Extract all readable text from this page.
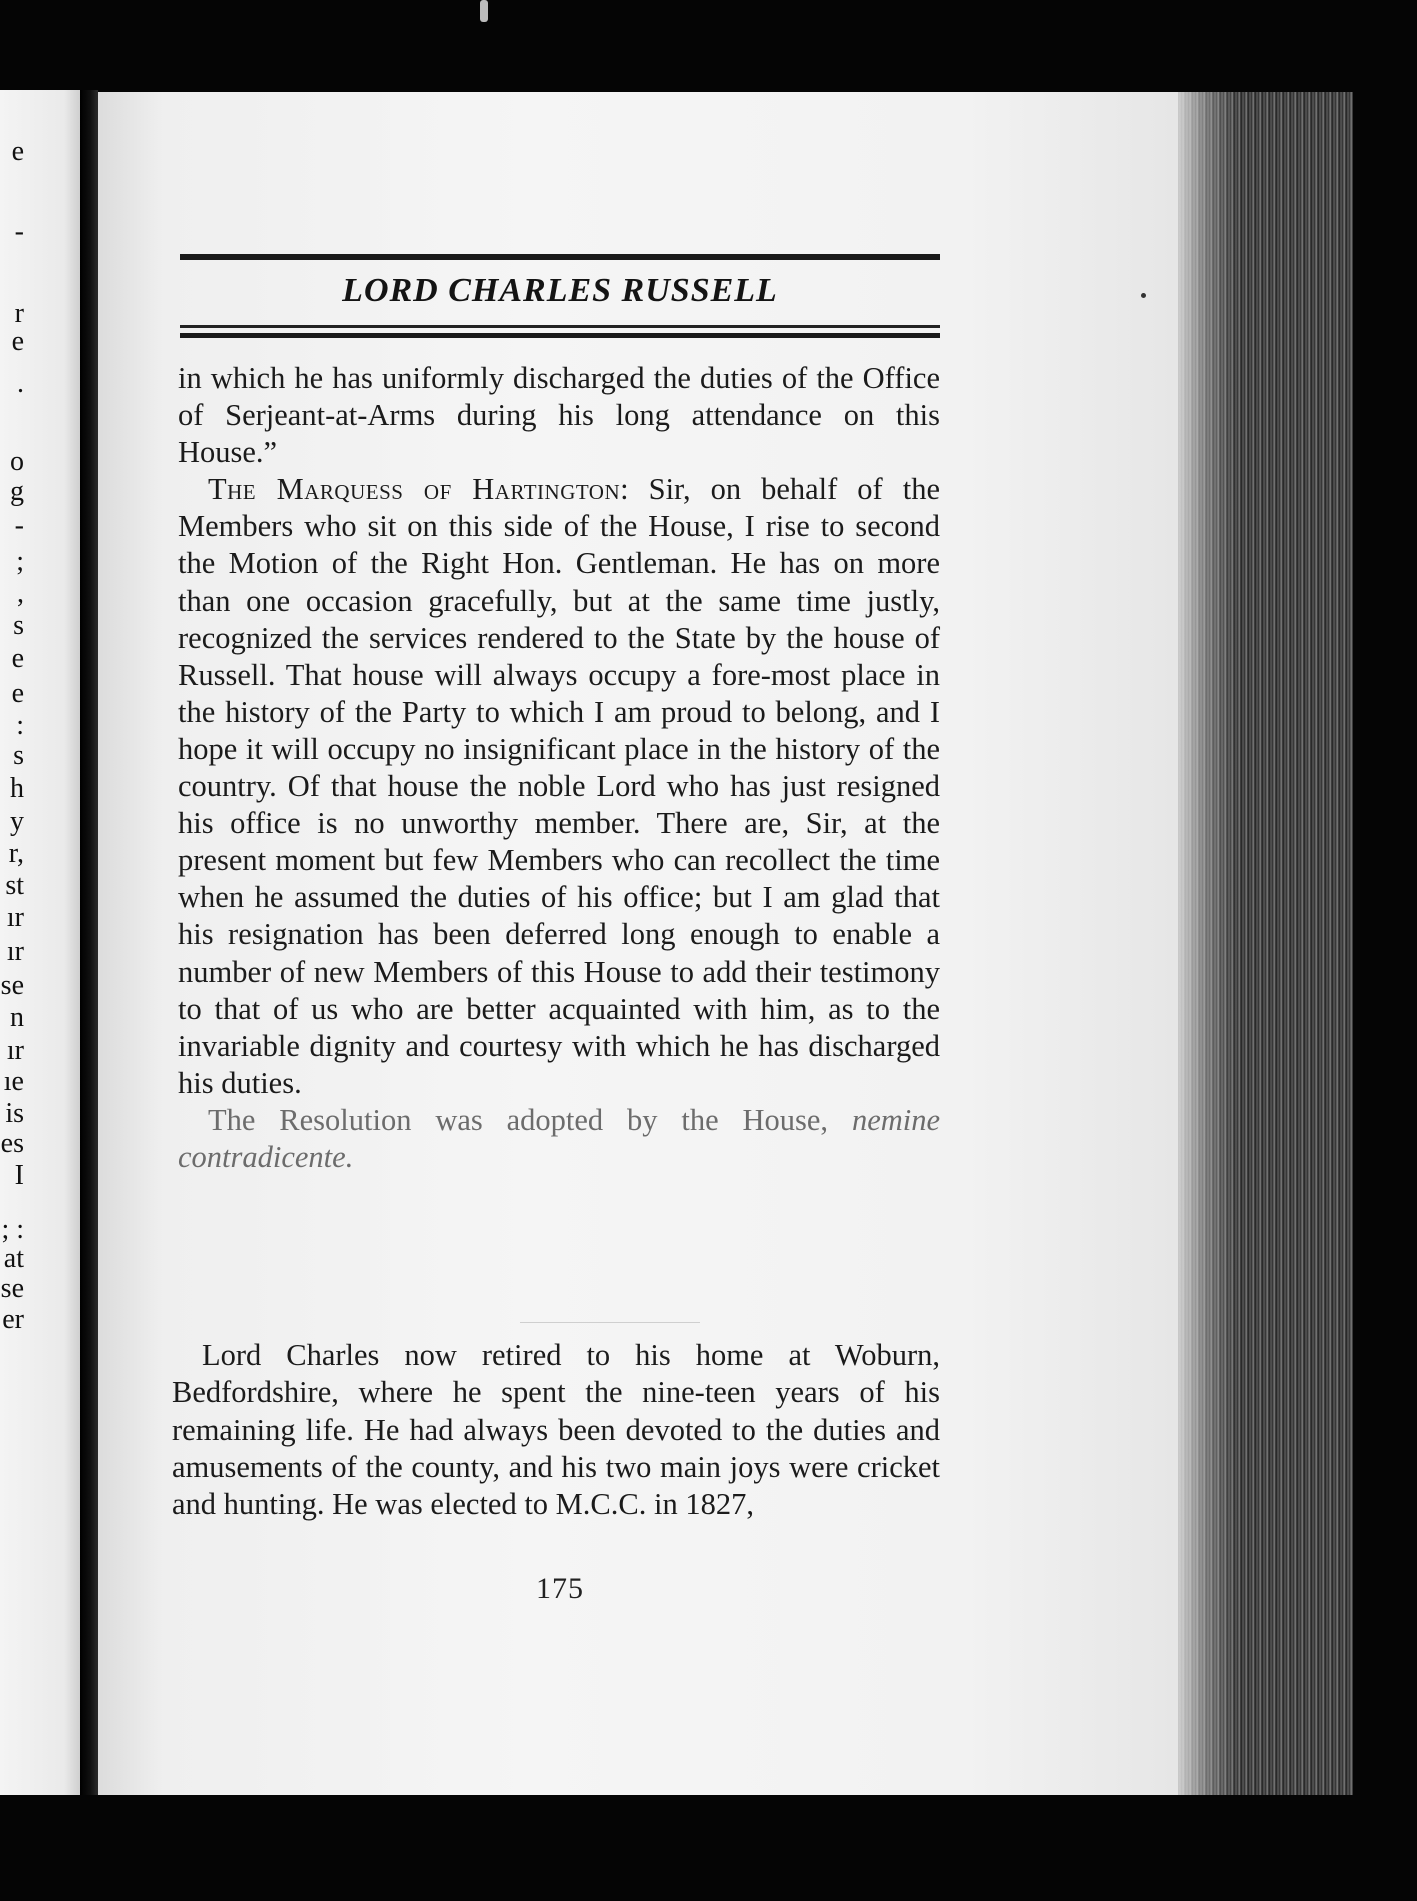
e
-
r
e
.
o
g
-
;
,
s
e
e
:
s
h
y
r,
st
ır
ır
se
n
ır
ıe
is
es
I
; :
at
se
er
LORD CHARLES RUSSELL

in which he has uniformly discharged the duties of the Office of Serjeant-at-Arms during his long attendance on this House.”

The Marquess of Hartington: Sir, on behalf of the Members who sit on this side of the House, I rise to second the Motion of the Right Hon. Gentleman. He has on more than one occasion gracefully, but at the same time justly, recognized the services rendered to the State by the house of Russell. That house will always occupy a fore-most place in the history of the Party to which I am proud to belong, and I hope it will occupy no insignificant place in the history of the country. Of that house the noble Lord who has just resigned his office is no unworthy member. There are, Sir, at the present moment but few Members who can recollect the time when he assumed the duties of his office; but I am glad that his resignation has been deferred long enough to enable a number of new Members of this House to add their testimony to that of us who are better acquainted with him, as to the invariable dignity and courtesy with which he has discharged his duties.

The Resolution was adopted by the House, nemine contradicente.

Lord Charles now retired to his home at Woburn, Bedfordshire, where he spent the nine-teen years of his remaining life. He had always been devoted to the duties and amusements of the county, and his two main joys were cricket and hunting. He was elected to M.C.C. in 1827,

175
